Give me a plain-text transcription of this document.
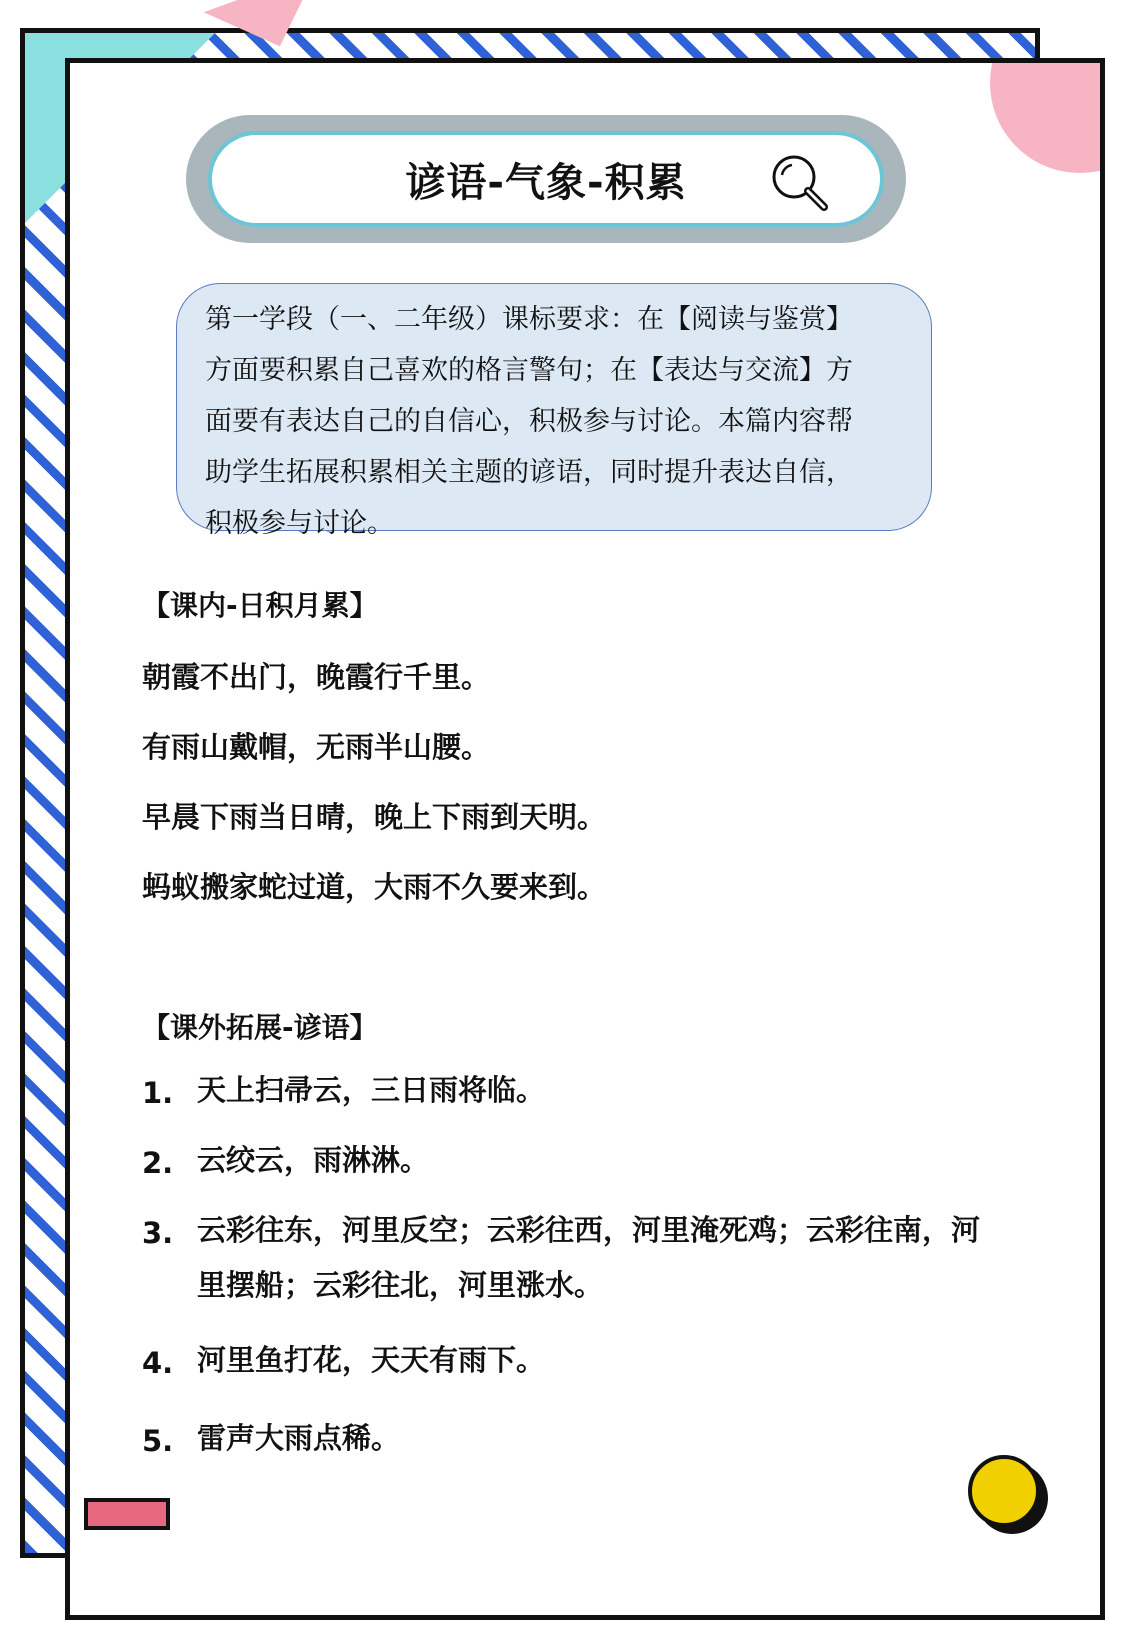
谚语-气象-积累

第一学段（一、二年级）课标要求：在【阅读与鉴赏】

方面要积累自己喜欢的格言警句；在【表达与交流】方

面要有表达自己的自信心，积极参与讨论。本篇内容帮

助学生拓展积累相关主题的谚语，同时提升表达自信，

积极参与讨论。

【课内-日积月累】

朝霞不出门，晚霞行千里。

有雨山戴帽，无雨半山腰。

早晨下雨当日晴，晚上下雨到天明。

蚂蚁搬家蛇过道，大雨不久要来到。

【课外拓展-谚语】

1. 天上扫帚云，三日雨将临。
2. 云绞云，雨淋淋。
3. 云彩往东，河里反空；云彩往西，河里淹死鸡；云彩往南，河里摆船；云彩往北，河里涨水。
4. 河里鱼打花，天天有雨下。
5. 雷声大雨点稀。
